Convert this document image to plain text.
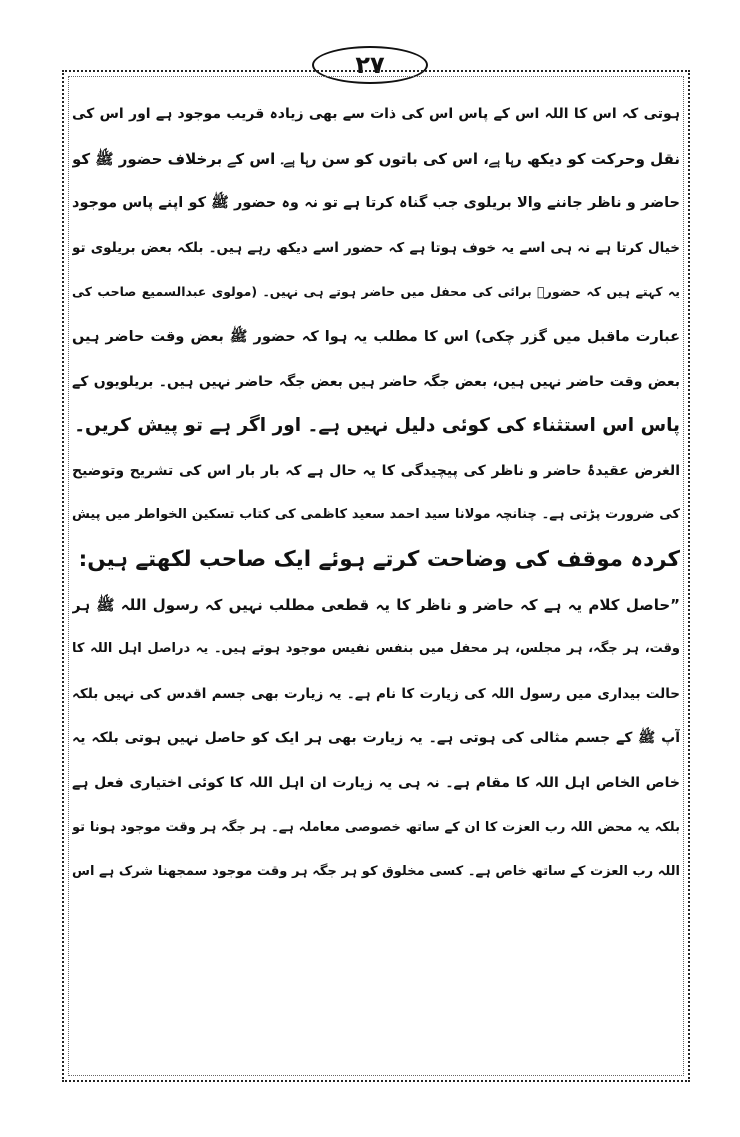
۲۷
ہوتی کہ اس کا اللہ اس کے پاس اس کی ذات سے بھی زیادہ قریب موجود ہے اور اس کی
نقل وحرکت کو دیکھ رہا ہے، اس کی باتوں کو سن رہا ہے۔ اس کے برخلاف حضور ﷺ کو
حاضر و ناظر جاننے والا بریلوی جب گناہ کرتا ہے تو نہ وہ حضور ﷺ کو اپنے پاس موجود
خیال کرتا ہے نہ ہی اسے یہ خوف ہوتا ہے کہ حضور اسے دیکھ رہے ہیں۔ بلکہ بعض بریلوی تو
یہ کہتے ہیں کہ حضورؐ برائی کی محفل میں حاضر ہوتے ہی نہیں۔ (مولوی عبدالسمیع صاحب کی
عبارت ماقبل میں گزر چکی) اس کا مطلب یہ ہوا کہ حضور ﷺ بعض وقت حاضر ہیں
بعض وقت حاضر نہیں ہیں، بعض جگہ حاضر ہیں بعض جگہ حاضر نہیں ہیں۔ بریلویوں کے
پاس اس استثناء کی کوئی دلیل نہیں ہے۔ اور اگر ہے تو پیش کریں۔
الغرض عقیدۂ حاضر و ناظر کی پیچیدگی کا یہ حال ہے کہ بار بار اس کی تشریح وتوضیح
کی ضرورت پڑتی ہے۔ چنانچہ مولانا سید احمد سعید کاظمی کی کتاب تسکین الخواطر میں پیش
کردہ موقف کی وضاحت کرتے ہوئے ایک صاحب لکھتے ہیں:
”حاصل کلام یہ ہے کہ حاضر و ناظر کا یہ قطعی مطلب نہیں کہ رسول اللہ ﷺ ہر
وقت، ہر جگہ، ہر مجلس، ہر محفل میں بنفس نفیس موجود ہوتے ہیں۔ یہ دراصل اہل اللہ کا
حالت بیداری میں رسول اللہ کی زیارت کا نام ہے۔ یہ زیارت بھی جسم اقدس کی نہیں بلکہ
آپ ﷺ کے جسم مثالی کی ہوتی ہے۔ یہ زیارت بھی ہر ایک کو حاصل نہیں ہوتی بلکہ یہ
خاص الخاص اہل اللہ کا مقام ہے۔ نہ ہی یہ زیارت ان اہل اللہ کا کوئی اختیاری فعل ہے
بلکہ یہ محض اللہ رب العزت کا ان کے ساتھ خصوصی معاملہ ہے۔ ہر جگہ ہر وقت موجود ہونا تو
اللہ رب العزت کے ساتھ خاص ہے۔ کسی مخلوق کو ہر جگہ ہر وقت موجود سمجھنا شرک ہے اس
